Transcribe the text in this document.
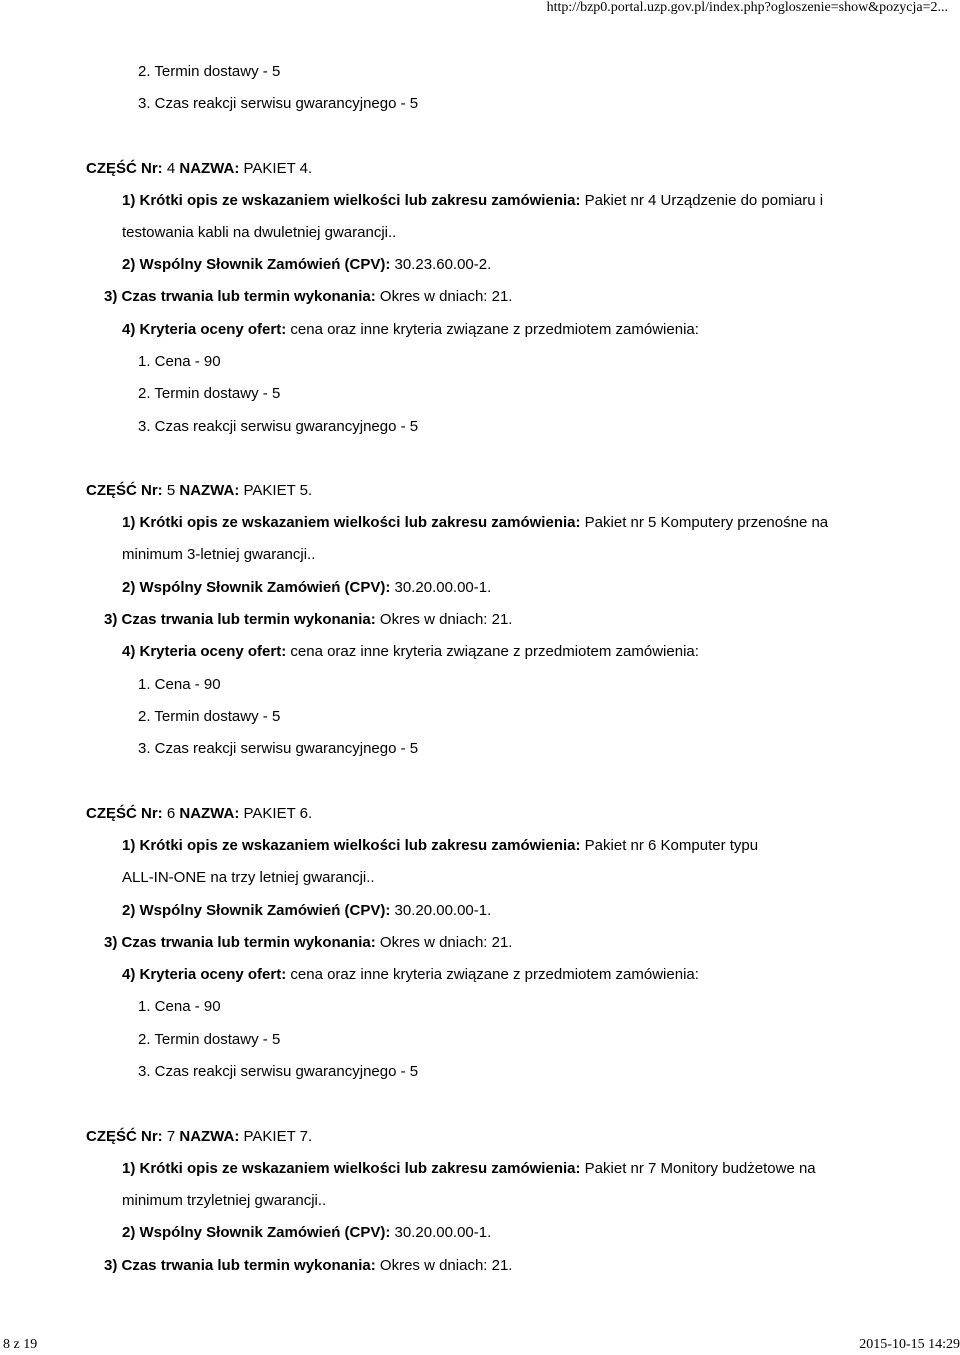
http://bzp0.portal.uzp.gov.pl/index.php?ogloszenie=show&pozycja=2...
2. Termin dostawy - 5
3. Czas reakcji serwisu gwarancyjnego - 5
CZĘŚĆ Nr: 4 NAZWA: PAKIET 4.
1) Krótki opis ze wskazaniem wielkości lub zakresu zamówienia: Pakiet nr 4 Urządzenie do pomiaru i
testowania kabli na dwuletniej gwarancji..
2) Wspólny Słownik Zamówień (CPV): 30.23.60.00-2.
3) Czas trwania lub termin wykonania: Okres w dniach: 21.
4) Kryteria oceny ofert: cena oraz inne kryteria związane z przedmiotem zamówienia:
1. Cena - 90
2. Termin dostawy - 5
3. Czas reakcji serwisu gwarancyjnego - 5
CZĘŚĆ Nr: 5 NAZWA: PAKIET 5.
1) Krótki opis ze wskazaniem wielkości lub zakresu zamówienia: Pakiet nr 5 Komputery przenośne na
minimum 3-letniej gwarancji..
2) Wspólny Słownik Zamówień (CPV): 30.20.00.00-1.
3) Czas trwania lub termin wykonania: Okres w dniach: 21.
4) Kryteria oceny ofert: cena oraz inne kryteria związane z przedmiotem zamówienia:
1. Cena - 90
2. Termin dostawy - 5
3. Czas reakcji serwisu gwarancyjnego - 5
CZĘŚĆ Nr: 6 NAZWA: PAKIET 6.
1) Krótki opis ze wskazaniem wielkości lub zakresu zamówienia: Pakiet nr 6 Komputer typu
ALL-IN-ONE na trzy letniej gwarancji..
2) Wspólny Słownik Zamówień (CPV): 30.20.00.00-1.
3) Czas trwania lub termin wykonania: Okres w dniach: 21.
4) Kryteria oceny ofert: cena oraz inne kryteria związane z przedmiotem zamówienia:
1. Cena - 90
2. Termin dostawy - 5
3. Czas reakcji serwisu gwarancyjnego - 5
CZĘŚĆ Nr: 7 NAZWA: PAKIET 7.
1) Krótki opis ze wskazaniem wielkości lub zakresu zamówienia: Pakiet nr 7 Monitory budżetowe na
minimum trzyletniej gwarancji..
2) Wspólny Słownik Zamówień (CPV): 30.20.00.00-1.
3) Czas trwania lub termin wykonania: Okres w dniach: 21.
8 z 19	2015-10-15 14:29
